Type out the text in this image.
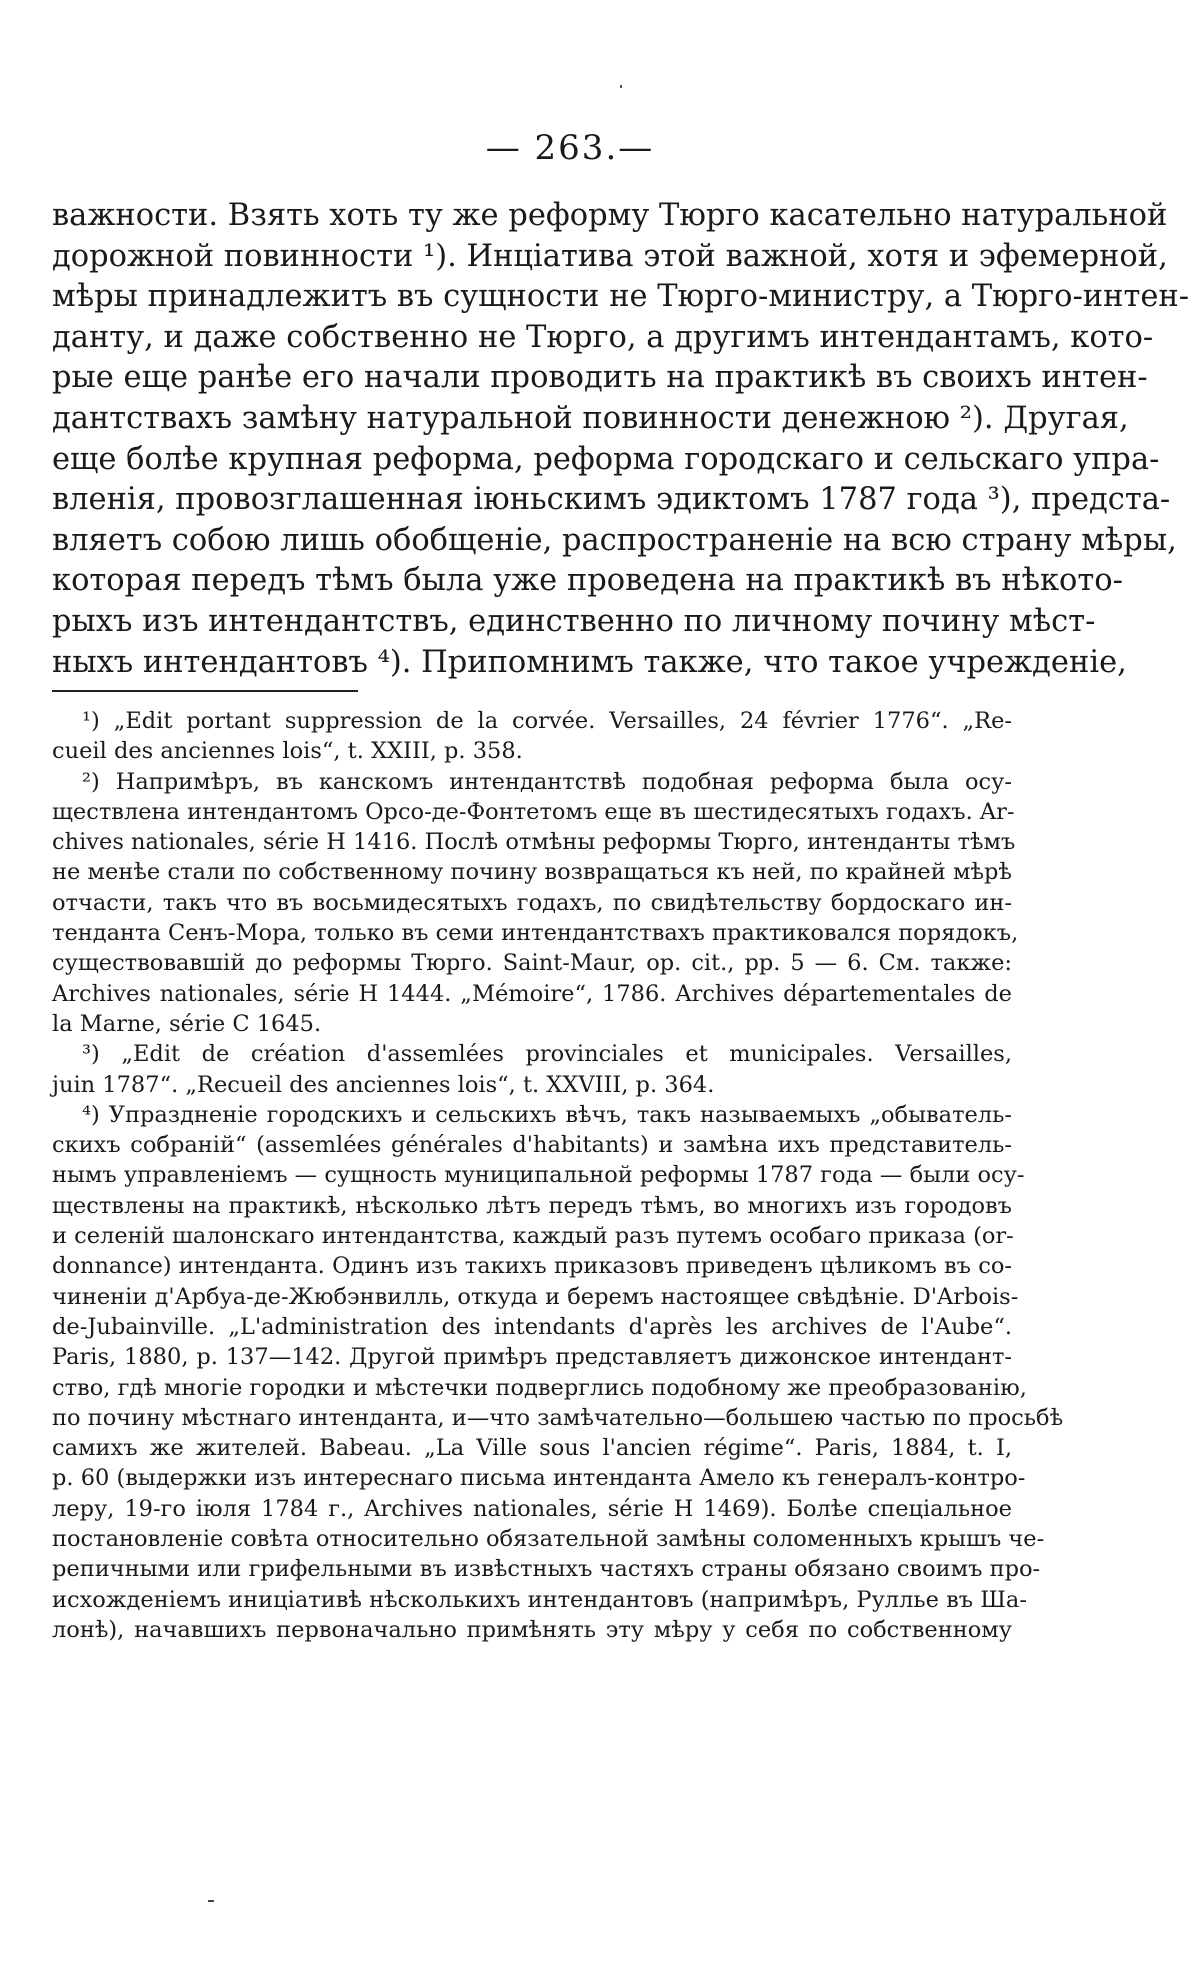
— 263.—
важности. Взять хоть ту же реформу Тюрго касательно натуральной
дорожной повинности ¹). Инціатива этой важной, хотя и эфемерной,
мѣры принадлежитъ въ сущности не Тюрго-министру, а Тюрго-интен-
данту, и даже собственно не Тюрго, а другимъ интендантамъ, кото-
рые еще ранѣе его начали проводить на практикѣ въ своихъ интен-
дантствахъ замѣну натуральной повинности денежною ²). Другая,
еще болѣе крупная реформа, реформа городскаго и сельскаго упра-
вленія, провозглашенная іюньскимъ эдиктомъ 1787 года ³), предста-
вляетъ собою лишь обобщеніе, распространеніе на всю страну мѣры,
которая передъ тѣмъ была уже проведена на практикѣ въ нѣкото-
рыхъ изъ интендантствъ, единственно по личному почину мѣст-
ныхъ интендантовъ ⁴). Припомнимъ также, что такое учрежденіе,
¹) „Edit portant suppression de la corvée. Versailles, 24 février 1776“. „Re-
cueil des anciennes lois“, t. XXIII, p. 358.
²) Напримѣръ, въ канскомъ интендантствѣ подобная реформа была осу-
ществлена интендантомъ Орсо-де-Фонтетомъ еще въ шестидесятыхъ годахъ. Ar-
chives nationales, série H 1416. Послѣ отмѣны реформы Тюрго, интенданты тѣмъ
не менѣе стали по собственному почину возвращаться къ ней, по крайней мѣрѣ
отчасти, такъ что въ восьмидесятыхъ годахъ, по свидѣтельству бордоскаго ин-
тенданта Сенъ-Мора, только въ семи интендантствахъ практиковался порядокъ,
существовавшій до реформы Тюрго. Saint-Maur, op. cit., pp. 5 — 6. См. также:
Archives nationales, série H 1444. „Mémoire“, 1786. Archives départementales de
la Marne, série C 1645.
³) „Edit de création d'assemlées provinciales et municipales. Versailles,
juin 1787“. „Recueil des anciennes lois“, t. XXVIII, p. 364.
⁴) Упраздненіе городскихъ и сельскихъ вѣчъ, такъ называемыхъ „обыватель-
скихъ собраній“ (assemlées générales d'habitants) и замѣна ихъ представитель-
нымъ управленіемъ — сущность муниципальной реформы 1787 года — были осу-
ществлены на практикѣ, нѣсколько лѣтъ передъ тѣмъ, во многихъ изъ городовъ
и селеній шалонскаго интендантства, каждый разъ путемъ особаго приказа (or-
donnance) интенданта. Одинъ изъ такихъ приказовъ приведенъ цѣликомъ въ со-
чиненіи д'Арбуа-де-Жюбэнвилль, откуда и беремъ настоящее свѣдѣніе. D'Arbois-
de-Jubainville. „L'administration des intendants d'après les archives de l'Aube“.
Paris, 1880, p. 137—142. Другой примѣръ представляетъ дижонское интендант-
ство, гдѣ многіе городки и мѣстечки подверглись подобному же преобразованію,
по почину мѣстнаго интенданта, и—что замѣчательно—большею частью по просьбѣ
самихъ же жителей. Babeau. „La Ville sous l'ancien régime“. Paris, 1884, t. I,
p. 60 (выдержки изъ интереснаго письма интенданта Амело къ генералъ-контро-
леру, 19-го іюля 1784 г., Archives nationales, série H 1469). Болѣе спеціальное
постановленіе совѣта относительно обязательной замѣны соломенныхъ крышъ че-
репичными или грифельными въ извѣстныхъ частяхъ страны обязано своимъ про-
исхожденіемъ иниціативѣ нѣсколькихъ интендантовъ (напримѣръ, Руллье въ Ша-
лонѣ), начавшихъ первоначально примѣнять эту мѣру у себя по собственному
